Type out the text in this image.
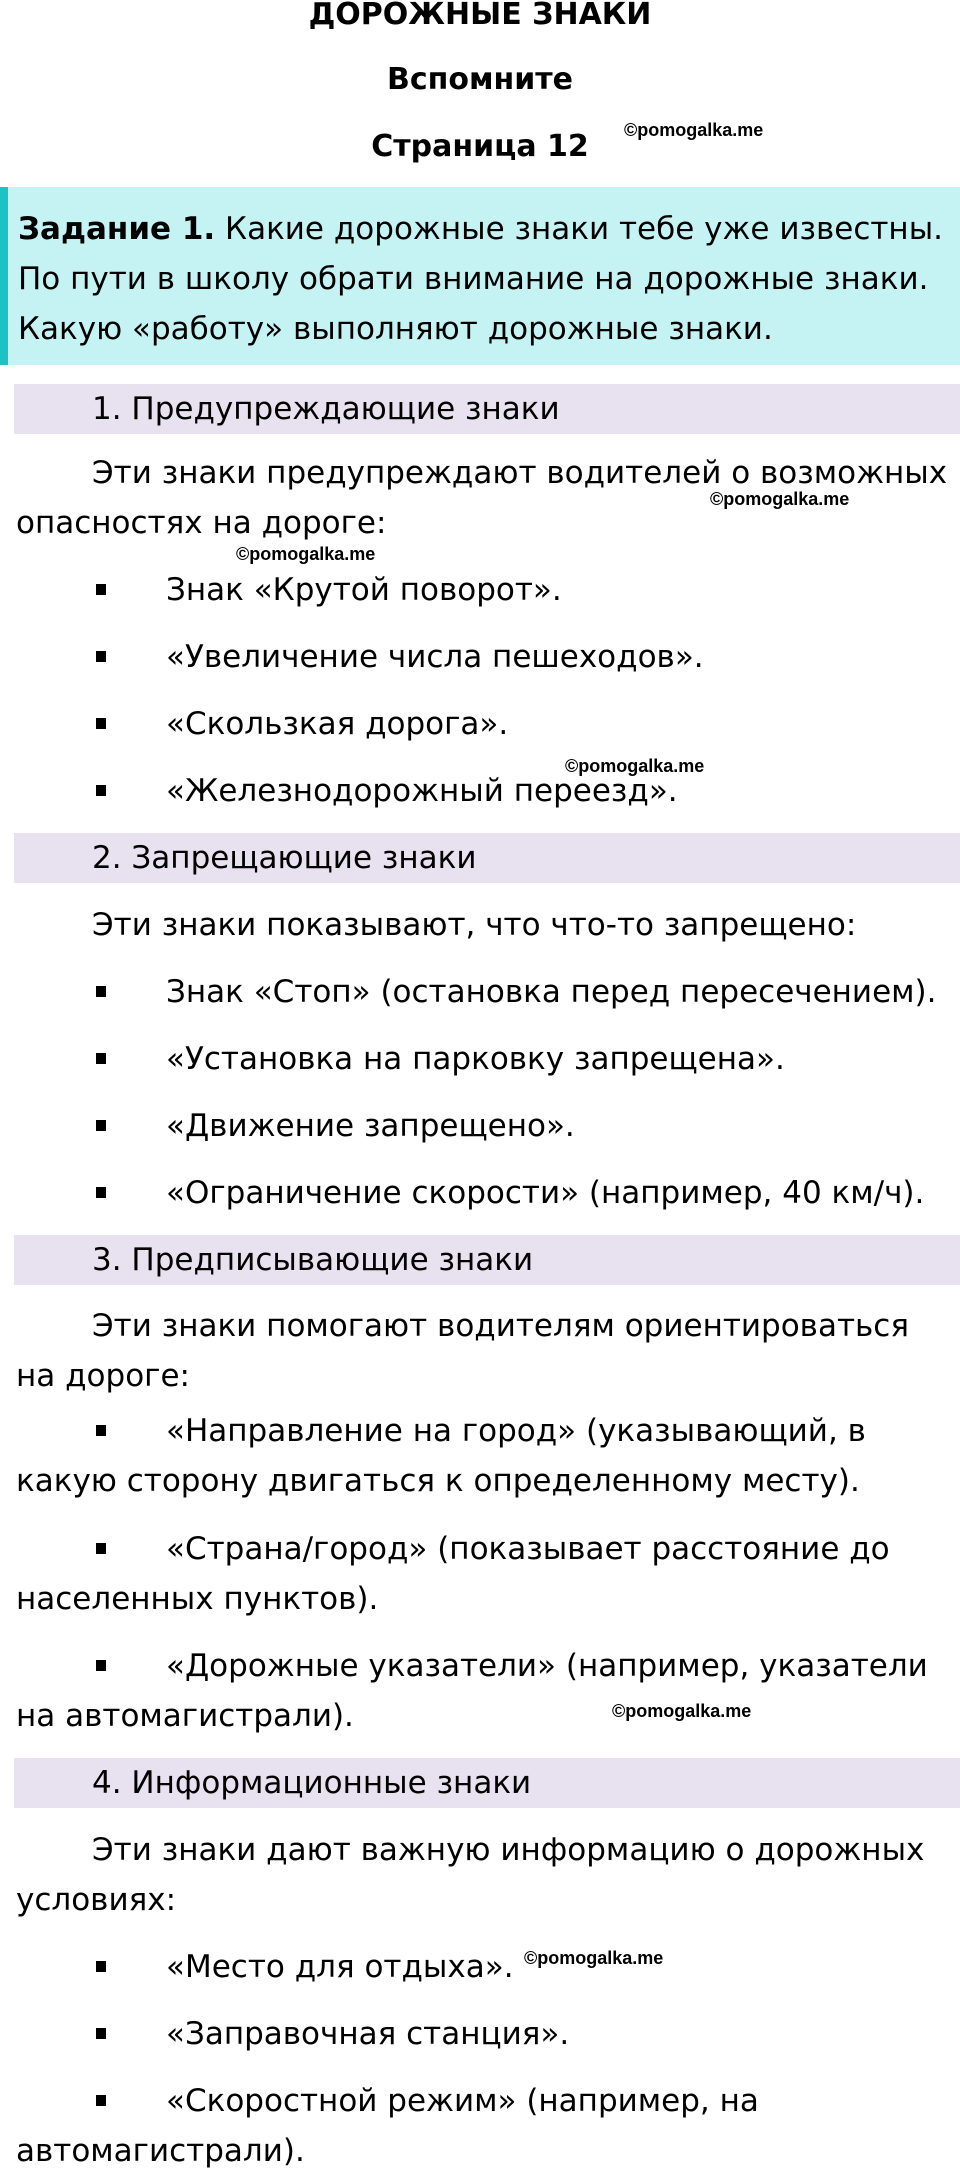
ДОРОЖНЫЕ ЗНАКИ
Вспомните
Страница 12	©pomogalka.me
Задание 1. Какие дорожные знаки тебе уже известны. По пути в школу обрати внимание на дорожные знаки. Какую «работу» выполняют дорожные знаки.
1. Предупреждающие знаки

Эти знаки предупреждают водителей о возможных опасностях на дороге:

©pomogalka.me
©pomogalka.me
Знак «Крутой поворот».
«Увеличение числа пешеходов».
«Скользкая дорога».
©pomogalka.me
«Железнодорожный переезд».
2. Запрещающие знаки

Эти знаки показывают, что что-то запрещено:

Знак «Стоп» (остановка перед пересечением).
«Установка на парковку запрещена».
«Движение запрещено».
«Ограничение скорости» (например, 40 км/ч).
3. Предписывающие знаки

Эти знаки помогают водителям ориентироваться на дороге:

«Направление на город» (указывающий, в какую сторону двигаться к определенному месту).
«Страна/город» (показывает расстояние до населенных пунктов).
«Дорожные указатели» (например, указатели на автомагистрали).	©pomogalka.me
4. Информационные знаки

Эти знаки дают важную информацию о дорожных условиях:

©pomogalka.me
«Место для отдыха».
«Заправочная станция».
«Скоростной режим» (например, на автомагистрали).
